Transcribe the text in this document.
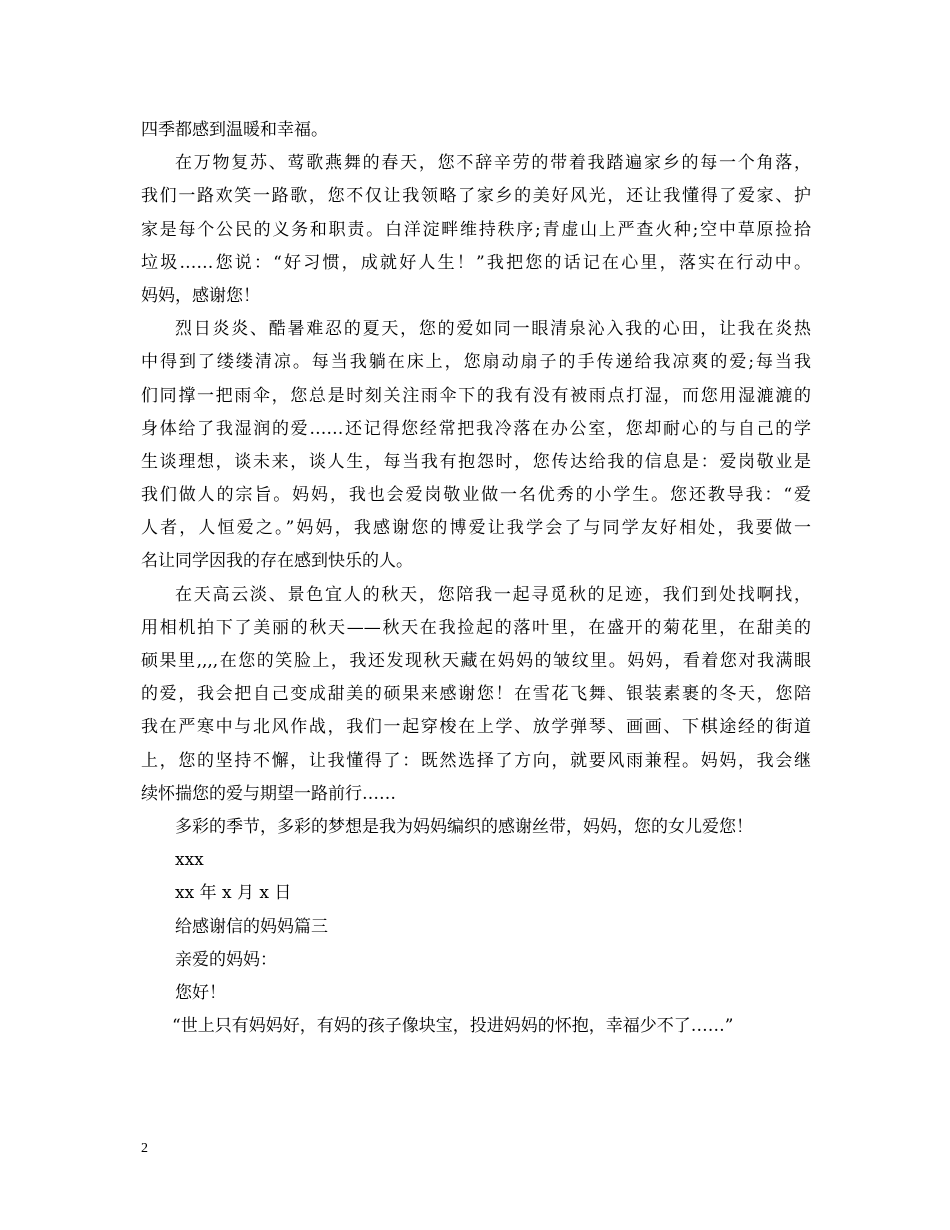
四季都感到温暖和幸福。
在万物复苏、莺歌燕舞的春天，您不辞辛劳的带着我踏遍家乡的每一个角落，
我们一路欢笑一路歌，您不仅让我领略了家乡的美好风光，还让我懂得了爱家、护
家是每个公民的义务和职责。白洋淀畔维持秩序;青虚山上严查火种;空中草原捡拾
垃圾……您说：“好习惯，成就好人生！”我把您的话记在心里，落实在行动中。
妈妈，感谢您！
烈日炎炎、酷暑难忍的夏天，您的爱如同一眼清泉沁入我的心田，让我在炎热
中得到了缕缕清凉。每当我躺在床上，您扇动扇子的手传递给我凉爽的爱;每当我
们同撑一把雨伞，您总是时刻关注雨伞下的我有没有被雨点打湿，而您用湿漉漉的
身体给了我湿润的爱……还记得您经常把我冷落在办公室，您却耐心的与自己的学
生谈理想，谈未来，谈人生，每当我有抱怨时，您传达给我的信息是：爱岗敬业是
我们做人的宗旨。妈妈，我也会爱岗敬业做一名优秀的小学生。您还教导我：“爱
人者，人恒爱之。”妈妈，我感谢您的博爱让我学会了与同学友好相处，我要做一
名让同学因我的存在感到快乐的人。
在天高云淡、景色宜人的秋天，您陪我一起寻觅秋的足迹，我们到处找啊找，
用相机拍下了美丽的秋天——秋天在我捡起的落叶里，在盛开的菊花里，在甜美的
硕果里,,,,在您的笑脸上，我还发现秋天藏在妈妈的皱纹里。妈妈，看着您对我满眼
的爱，我会把自己变成甜美的硕果来感谢您！在雪花飞舞、银装素裹的冬天，您陪
我在严寒中与北风作战，我们一起穿梭在上学、放学弹琴、画画、下棋途经的街道
上，您的坚持不懈，让我懂得了：既然选择了方向，就要风雨兼程。妈妈，我会继
续怀揣您的爱与期望一路前行……
多彩的季节，多彩的梦想是我为妈妈编织的感谢丝带，妈妈，您的女儿爱您！
xxx
xx 年 x 月 x 日
给感谢信的妈妈篇三
亲爱的妈妈：
您好！
“世上只有妈妈好，有妈的孩子像块宝，投进妈妈的怀抱，幸福少不了……”
2
